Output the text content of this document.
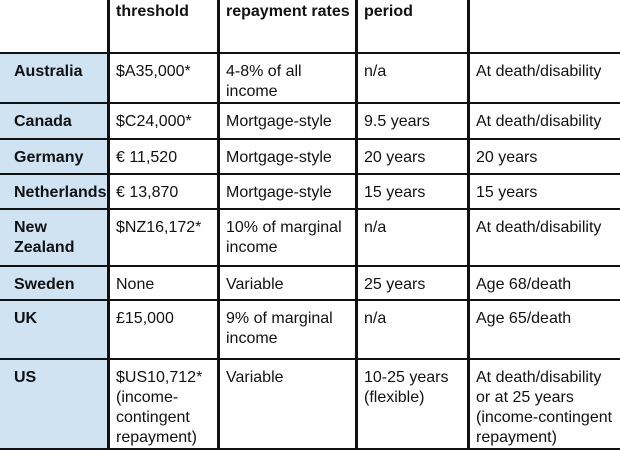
	threshold	repayment rates	period	
Australia	$A35,000*	4-8% of all income	n/a	At death/disability
Canada	$C24,000*	Mortgage-style	9.5 years	At death/disability
Germany	€ 11,520	Mortgage-style	20 years	20 years
Netherlands	€ 13,870	Mortgage-style	15 years	15 years
New Zealand	$NZ16,172*	10% of marginal income	n/a	At death/disability
Sweden	None	Variable	25 years	Age 68/death
UK	£15,000	9% of marginal income	n/a	Age 65/death
US	$US10,712* (income-contingent repayment)	Variable	10-25 years (flexible)	At death/disability or at 25 years (income-contingent repayment)
